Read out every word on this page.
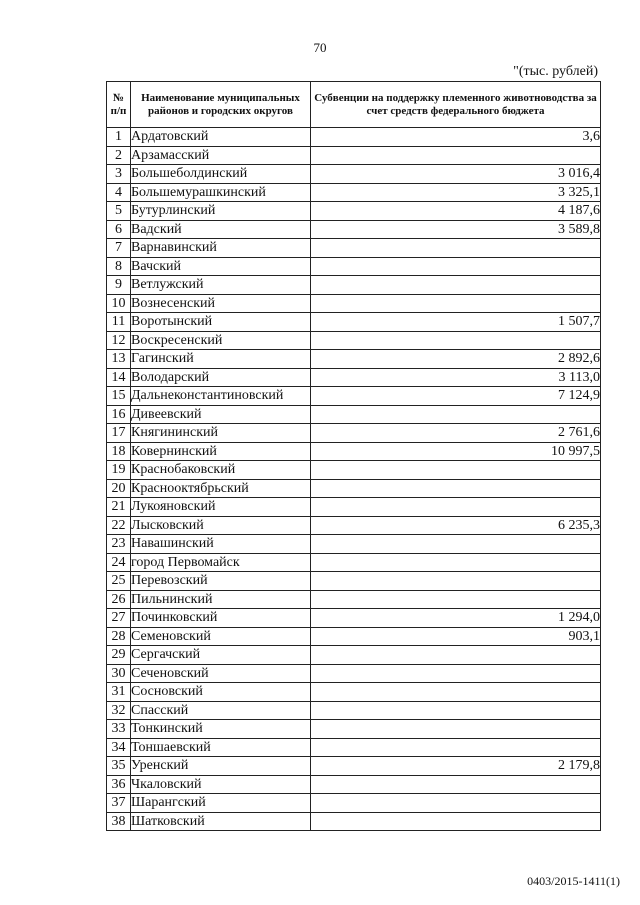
70
"(тыс. рублей)
№ п/п	Наименование муниципальных районов и городских округов	Субвенции на поддержку племенного животноводства за счет средств федерального бюджета
1	Ардатовский	3,6
2	Арзамасский	
3	Большеболдинский	3 016,4
4	Большемурашкинский	3 325,1
5	Бутурлинский	4 187,6
6	Вадский	3 589,8
7	Варнавинский	
8	Вачский	
9	Ветлужский	
10	Вознесенский	
11	Воротынский	1 507,7
12	Воскресенский	
13	Гагинский	2 892,6
14	Володарский	3 113,0
15	Дальнеконстантиновский	7 124,9
16	Дивеевский	
17	Княгининский	2 761,6
18	Ковернинский	10 997,5
19	Краснобаковский	
20	Краснооктябрьский	
21	Лукояновский	
22	Лысковский	6 235,3
23	Навашинский	
24	город Первомайск	
25	Перевозский	
26	Пильнинский	
27	Починковский	1 294,0
28	Семеновский	903,1
29	Сергачский	
30	Сеченовский	
31	Сосновский	
32	Спасский	
33	Тонкинский	
34	Тоншаевский	
35	Уренский	2 179,8
36	Чкаловский	
37	Шарангский	
38	Шатковский	
0403/2015-1411(1)
